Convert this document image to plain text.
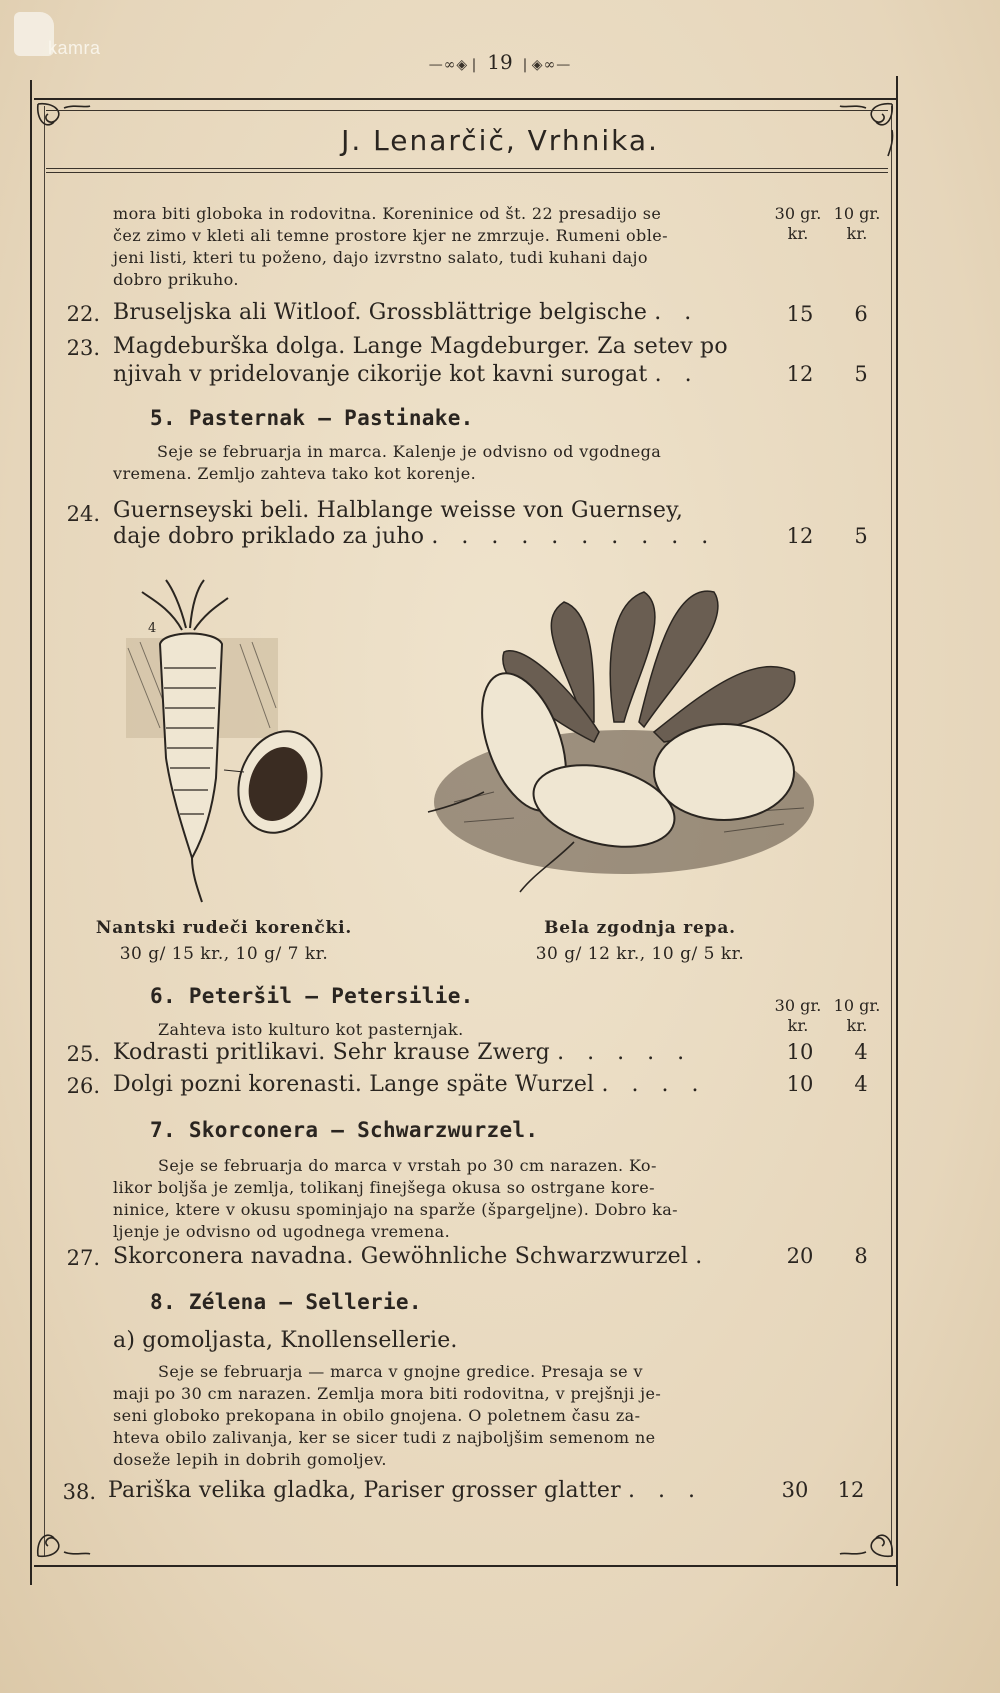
kamra
—∞◈❘ 19 ❘◈∞—
J. Lenarčič, Vrhnika.
mora biti globoka in rodovitna. Koreninice od št. 22 presadijo se
čez zimo v kleti ali temne prostore kjer ne zmrzuje. Rumeni oble-
jeni listi, kteri tu poženo, dajo izvrstno salato, tudi kuhani dajo
dobro prikuho.
30 gr.
kr.
10 gr.
kr.
22. Bruseljska ali Witloof. Grossblättrige belgische . .	15	6
23. Magdeburška dolga. Lange Magdeburger. Za setev po
njivah v pridelovanje cikorije kot kavni surogat . .	12	5
5. Pasternak — Pastinake.
Seje se februarja in marca. Kalenje je odvisno od vgodnega
vremena. Zemljo zahteva tako kot korenje.
24. Guernseyski beli. Halblange weisse von Guernsey,
daje dobro priklado za juho . . . . . . . . . .	12	5
4
Nantski rudeči korenčki.
30 g/ 15 kr., 10 g/ 7 kr.
Bela zgodnja repa.
30 g/ 12 kr., 10 g/ 5 kr.
6. Peteršil — Petersilie.	30 gr.
kr.
10 gr.
kr.
Zahteva isto kulturo kot pasternjak.
25. Kodrasti pritlikavi. Sehr krause Zwerg . . . . .	10	4
26. Dolgi pozni korenasti. Lange späte Wurzel . . . .	10	4
7. Skorconera — Schwarzwurzel.
Seje se februarja do marca v vrstah po 30 cm narazen. Ko-
likor boljša je zemlja, tolikanj finejšega okusa so ostrgane kore-
ninice, ktere v okusu spominjajo na sparže (špargeljne). Dobro ka-
ljenje je odvisno od ugodnega vremena.
27. Skorconera navadna. Gewöhnliche Schwarzwurzel .	20	8
8. Zélena — Sellerie.
a) gomoljasta, Knollensellerie.
Seje se februarja — marca v gnojne gredice. Presaja se v
maji po 30 cm narazen. Zemlja mora biti rodovitna, v prejšnji je-
seni globoko prekopana in obilo gnojena. O poletnem času za-
hteva obilo zalivanja, ker se sicer tudi z najboljšim semenom ne
doseže lepih in dobrih gomoljev.
38. Pariška velika gladka, Pariser grosser glatter . . .	30	12
